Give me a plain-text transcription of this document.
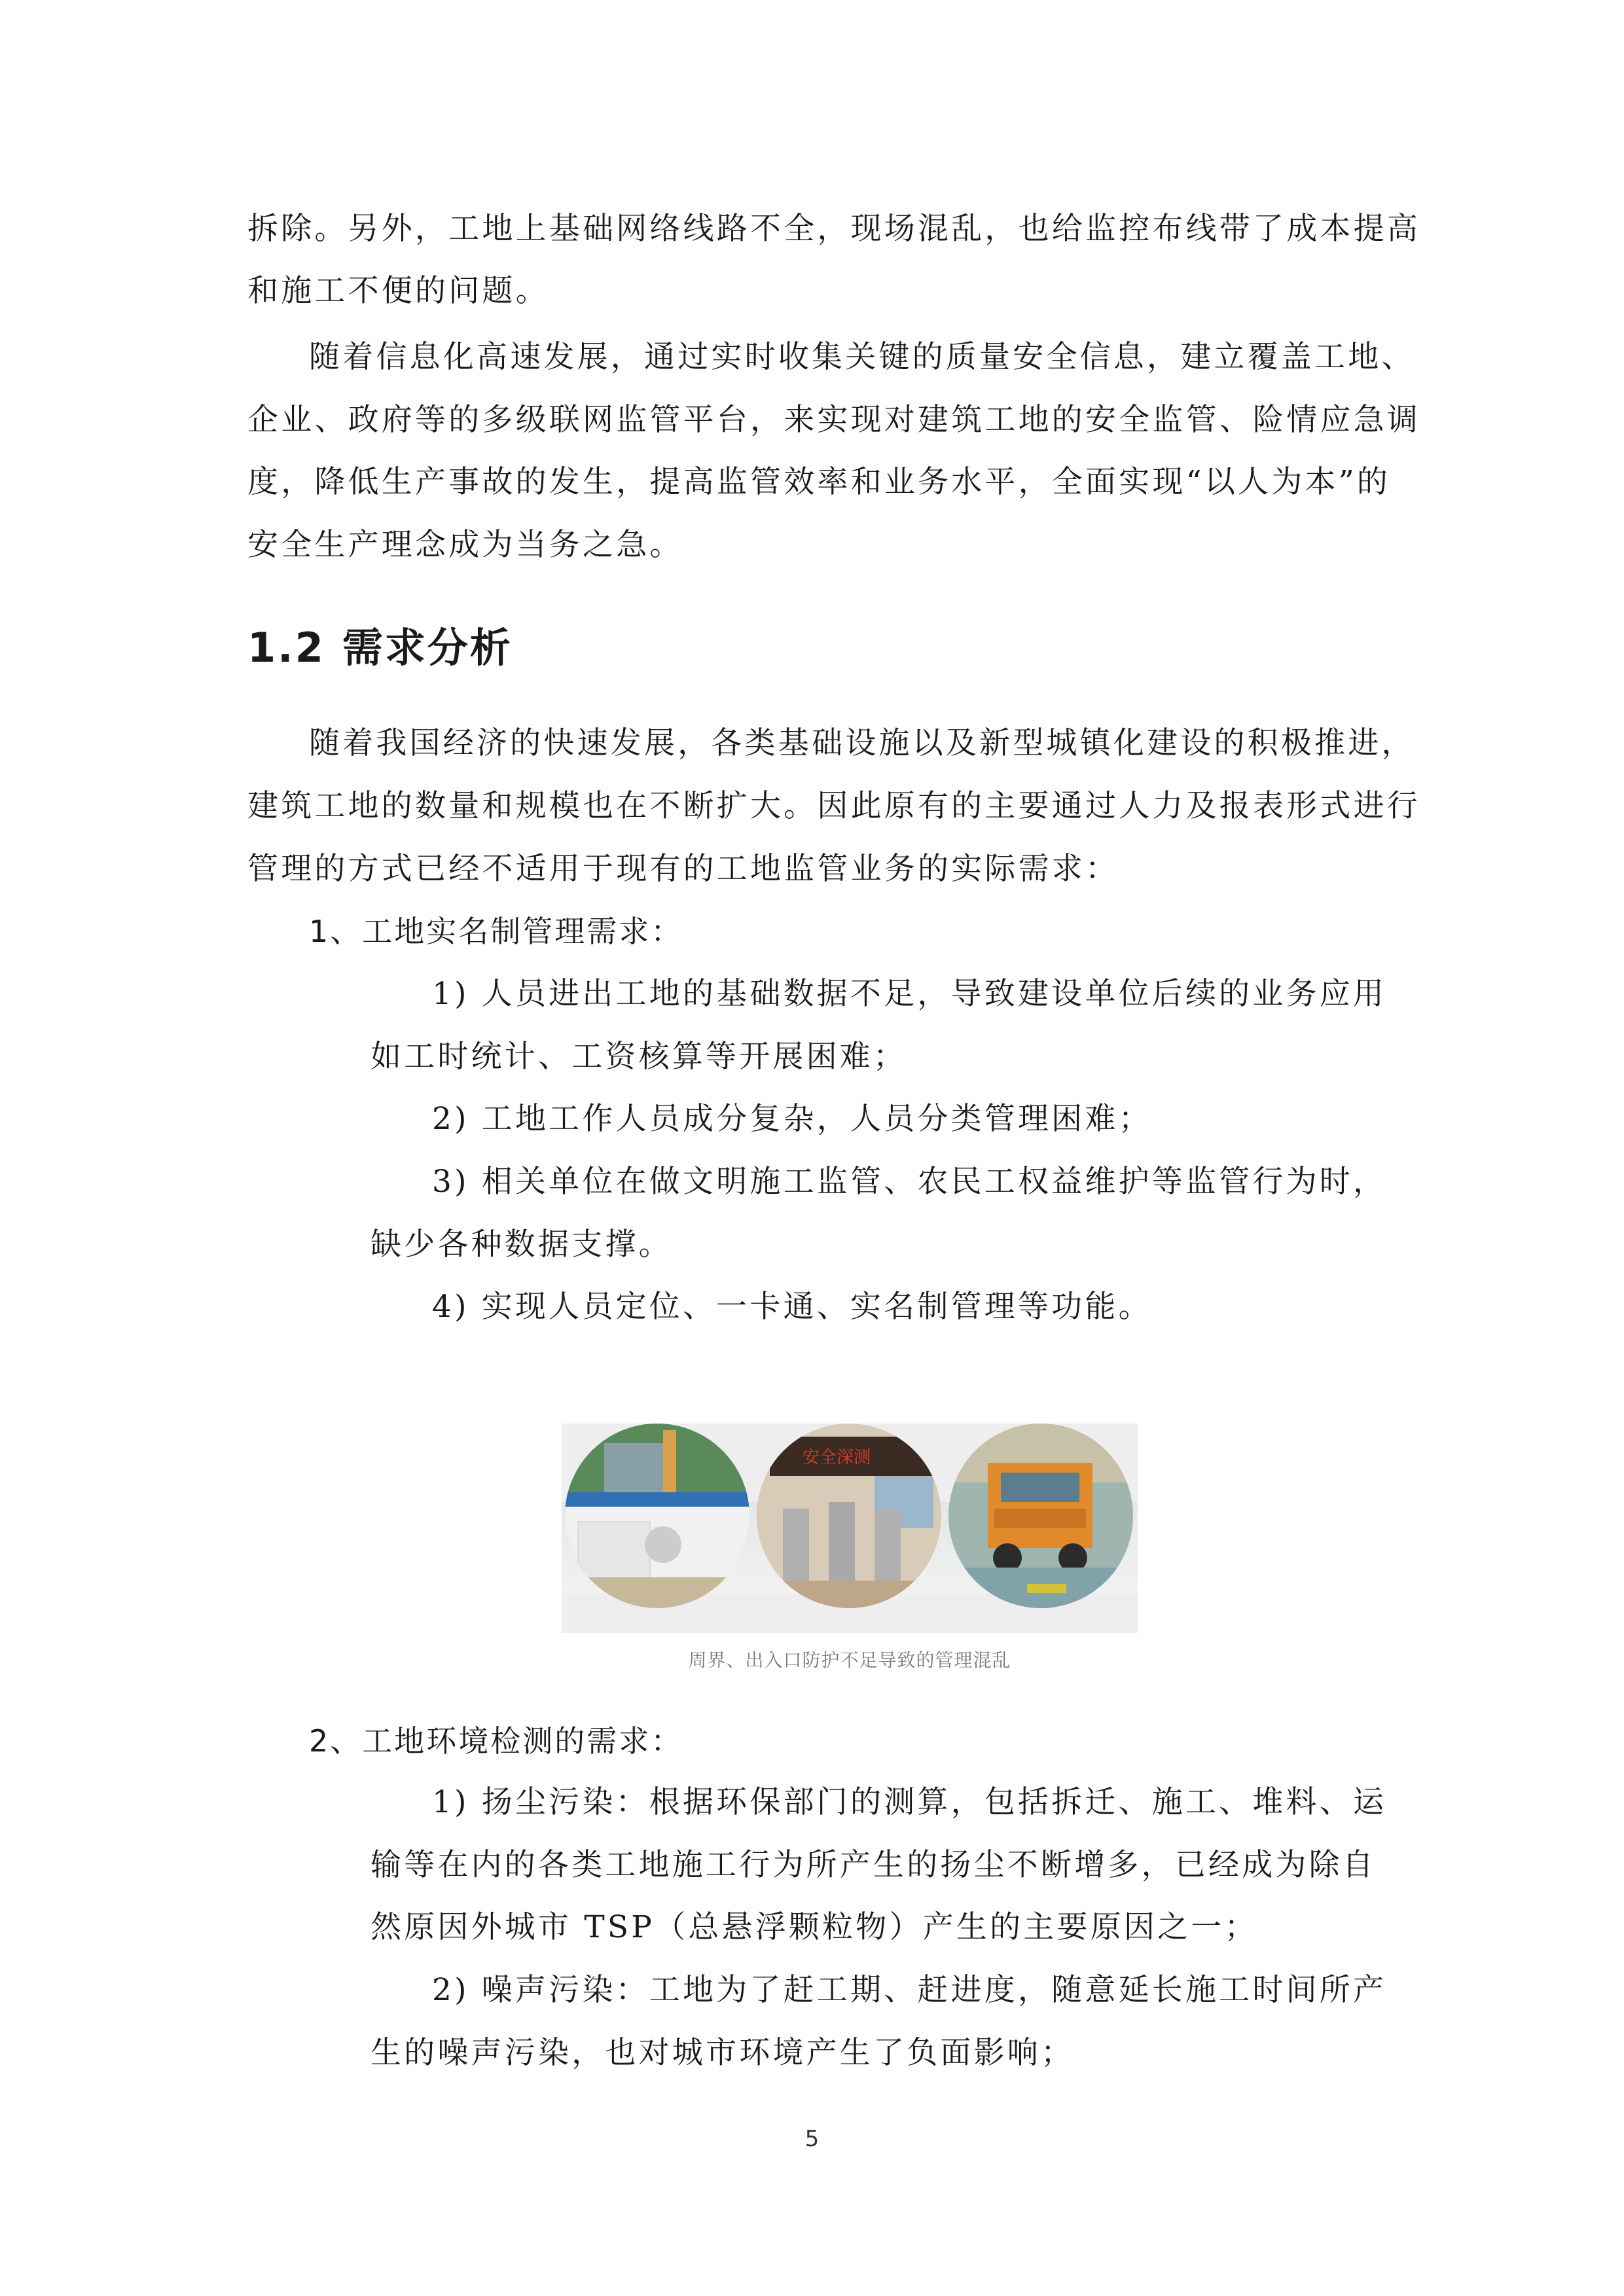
拆除。另外，工地上基础网络线路不全，现场混乱，也给监控布线带了成本提高
和施工不便的问题。
随着信息化高速发展，通过实时收集关键的质量安全信息，建立覆盖工地、
企业、政府等的多级联网监管平台，来实现对建筑工地的安全监管、险情应急调
度，降低生产事故的发生，提高监管效率和业务水平，全面实现“以人为本”的
安全生产理念成为当务之急。
1.2 需求分析
随着我国经济的快速发展，各类基础设施以及新型城镇化建设的积极推进，
建筑工地的数量和规模也在不断扩大。因此原有的主要通过人力及报表形式进行
管理的方式已经不适用于现有的工地监管业务的实际需求：
1、工地实名制管理需求：
1) 人员进出工地的基础数据不足，导致建设单位后续的业务应用
如工时统计、工资核算等开展困难；
2) 工地工作人员成分复杂，人员分类管理困难；
3) 相关单位在做文明施工监管、农民工权益维护等监管行为时，
缺少各种数据支撑。
4) 实现人员定位、一卡通、实名制管理等功能。
安全深测
周界、出入口防护不足导致的管理混乱
2、工地环境检测的需求：
1) 扬尘污染：根据环保部门的测算，包括拆迁、施工、堆料、运
输等在内的各类工地施工行为所产生的扬尘不断增多，已经成为除自
然原因外城市 TSP（总悬浮颗粒物）产生的主要原因之一；
2) 噪声污染：工地为了赶工期、赶进度，随意延长施工时间所产
生的噪声污染，也对城市环境产生了负面影响；
5
